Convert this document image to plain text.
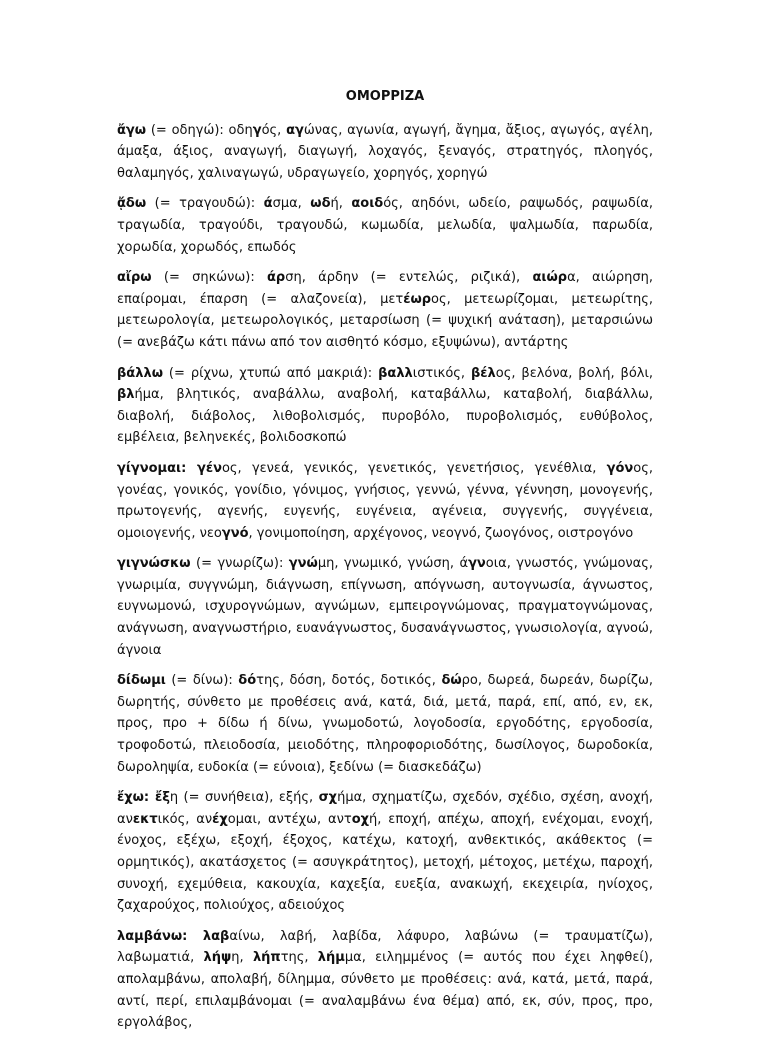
ΟΜΟΡΡΙΖΑ

ἄγω (= οδηγώ): οδηγός, αγώνας, αγωνία, αγωγή, ἄγημα, ἄξιος, αγωγός, αγέλη, άμαξα, άξιος, αναγωγή, διαγωγή, λοχαγός, ξεναγός, στρατηγός, πλοηγός, θαλαμηγός, χαλιναγωγώ, υδραγωγείο, χορηγός, χορηγώ

ᾄδω (= τραγουδώ): άσμα, ωδή, αοιδός, αηδόνι, ωδείο, ραψωδός, ραψωδία, τραγωδία, τραγούδι, τραγουδώ, κωμωδία, μελωδία, ψαλμωδία, παρωδία, χορωδία, χορωδός, επωδός

αἴρω (= σηκώνω): άρση, άρδην (= εντελώς, ριζικά), αιώρα, αιώρηση, επαίρομαι, έπαρση (= αλαζονεία), μετέωρος, μετεωρίζομαι, μετεωρίτης, μετεωρολογία, μετεωρολογικός, μεταρσίωση (= ψυχική ανάταση), μεταρσιώνω (= ανεβάζω κάτι πάνω από τον αισθητό κόσμο, εξυψώνω), αντάρτης

βάλλω (= ρίχνω, χτυπώ από μακριά): βαλλιστικός, βέλος, βελόνα, βολή, βόλι, βλήμα, βλητικός, αναβάλλω, αναβολή, καταβάλλω, καταβολή, διαβάλλω, διαβολή, διάβολος, λιθοβολισμός, πυροβόλο, πυροβολισμός, ευθύβολος, εμβέλεια, βεληνεκές, βολιδοσκοπώ

γίγνομαι: γένος, γενεά, γενικός, γενετικός, γενετήσιος, γενέθλια, γόνος, γονέας, γονικός, γονίδιο, γόνιμος, γνήσιος, γεννώ, γέννα, γέννηση, μονογενής, πρωτογενής, αγενής, ευγενής, ευγένεια, αγένεια, συγγενής, συγγένεια, ομοιογενής, νεογνό, γονιμοποίηση, αρχέγονος, νεογνό, ζωογόνος, οιστρογόνο

γιγνώσκω (= γνωρίζω): γνώμη, γνωμικό, γνώση, άγνοια, γνωστός, γνώμονας, γνωριμία, συγγνώμη, διάγνωση, επίγνωση, απόγνωση, αυτογνωσία, άγνωστος, ευγνωμονώ, ισχυρογνώμων, αγνώμων, εμπειρογνώμονας, πραγματογνώμονας, ανάγνωση, αναγνωστήριο, ευανάγνωστος, δυσανάγνωστος, γνωσιολογία, αγνοώ, άγνοια

δίδωμι (= δίνω): δότης, δόση, δοτός, δοτικός, δώρο, δωρεά, δωρεάν, δωρίζω, δωρητής, σύνθετο με προθέσεις ανά, κατά, διά, μετά, παρά, επί, από, εν, εκ, προς, προ + δίδω ή δίνω, γνωμοδοτώ, λογοδοσία, εργοδότης, εργοδοσία, τροφοδοτώ, πλειοδοσία, μειοδότης, πληροφοριοδότης, δωσίλογος, δωροδοκία, δωροληψία, ευδοκία (= εύνοια), ξεδίνω (= διασκεδάζω)

ἔχω: ἔξη (= συνήθεια), εξής, σχήμα, σχηματίζω, σχεδόν, σχέδιο, σχέση, ανοχή, ανεκτικός, ανέχομαι, αντέχω, αντοχή, εποχή, απέχω, αποχή, ενέχομαι, ενοχή, ένοχος, εξέχω, εξοχή, έξοχος, κατέχω, κατοχή, ανθεκτικός, ακάθεκτος (= ορμητικός), ακατάσχετος (= ασυγκράτητος), μετοχή, μέτοχος, μετέχω, παροχή, συνοχή, εχεμύθεια, κακουχία, καχεξία, ευεξία, ανακωχή, εκεχειρία, ηνίοχος, ζαχαρούχος, πολιούχος, αδειούχος

λαμβάνω: λαβαίνω, λαβή, λαβίδα, λάφυρο, λαβώνω (= τραυματίζω), λαβωματιά, λήψη, λήπτης, λήμμα, ειλημμένος (= αυτός που έχει ληφθεί), απολαμβάνω, απολαβή, δίλημμα, σύνθετο με προθέσεις: ανά, κατά, μετά, παρά, αντί, περί, επιλαμβάνομαι (= αναλαμβάνω ένα θέμα) από, εκ, σύν, προς, προ, εργολάβος,
